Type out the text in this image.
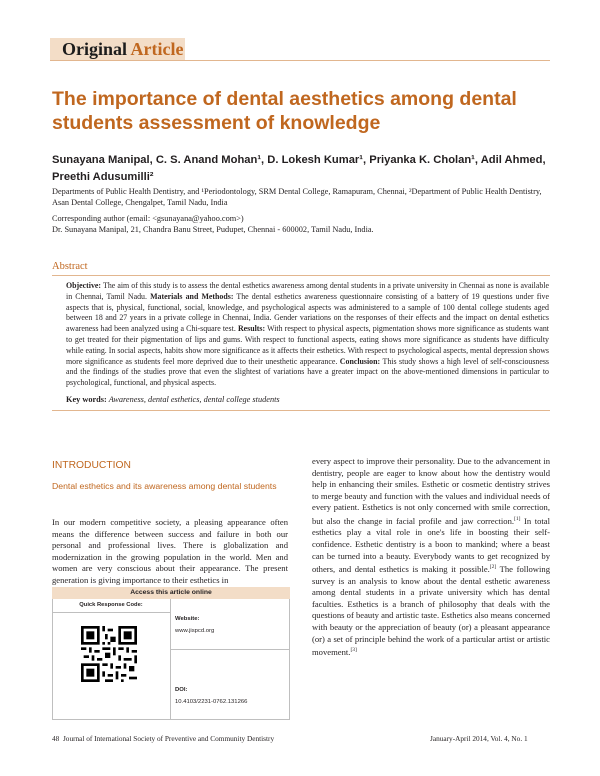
Original Article
The importance of dental aesthetics among dental students assessment of knowledge
Sunayana Manipal, C. S. Anand Mohan¹, D. Lokesh Kumar¹, Priyanka K. Cholan¹, Adil Ahmed, Preethi Adusumilli²
Departments of Public Health Dentistry, and ¹Periodontology, SRM Dental College, Ramapuram, Chennai, ²Department of Public Health Dentistry, Asan Dental College, Chengalpet, Tamil Nadu, India
Corresponding author (email: <gsunayana@yahoo.com>)
Dr. Sunayana Manipal, 21, Chandra Banu Street, Pudupet, Chennai - 600002, Tamil Nadu, India.
Abstract
Objective: The aim of this study is to assess the dental esthetics awareness among dental students in a private university in Chennai as none is available in Chennai, Tamil Nadu. Materials and Methods: The dental esthetics awareness questionnaire consisting of a battery of 19 questions under five aspects that is, physical, functional, social, knowledge, and psychological aspects was administered to a sample of 100 dental college students aged between 18 and 27 years in a private college in Chennai, India. Gender variations on the responses of their effects and the impact on dental esthetics awareness had been analyzed using a Chi-square test. Results: With respect to physical aspects, pigmentation shows more significance as students want to get treated for their pigmentation of lips and gums. With respect to functional aspects, eating shows more significance as students have difficulty while eating. In social aspects, habits show more significance as it affects their esthetics. With respect to psychological aspects, mental depression shows more significance as students feel more deprived due to their unesthetic appearance. Conclusion: This study shows a high level of self-consciousness and the findings of the studies prove that even the slightest of variations have a greater impact on the above-mentioned dimensions in particular to psychological, functional, and physical aspects.
Key words: Awareness, dental esthetics, dental college students
INTRODUCTION
Dental esthetics and its awareness among dental students
In our modern competitive society, a pleasing appearance often means the difference between success and failure in both our personal and professional lives. There is globalization and modernization in the growing population in the world. Men and women are very conscious about their appearance. The present generation is giving importance to their esthetics in
every aspect to improve their personality. Due to the advancement in dentistry, people are eager to know about how the dentistry would help in enhancing their smiles. Esthetic or cosmetic dentistry strives to merge beauty and function with the values and individual needs of every patient. Esthetics is not only concerned with smile correction, but also the change in facial profile and jaw correction.[1] In total esthetics play a vital role in one's life in boosting their self-confidence. Esthetic dentistry is a boon to mankind; where a beast can be turned into a beauty. Everybody wants to get recognized by others, and dental esthetics is making it possible.[2] The following survey is an analysis to know about the dental esthetic awareness among dental students in a private university which has dental faculties. Esthetics is a branch of philosophy that deals with the questions of beauty and artistic taste. Esthetics also means concerned with beauty or the appreciation of beauty (or) a pleasant appearance (or) a set of principle behind the work of a particular artist or artistic movement.[3]
Access this article online
Quick Response Code:
Website:
www.jispcd.org
DOI:
10.4103/2231-0762.131266
48 Journal of International Society of Preventive and Community Dentistry	January-April 2014, Vol. 4, No. 1
